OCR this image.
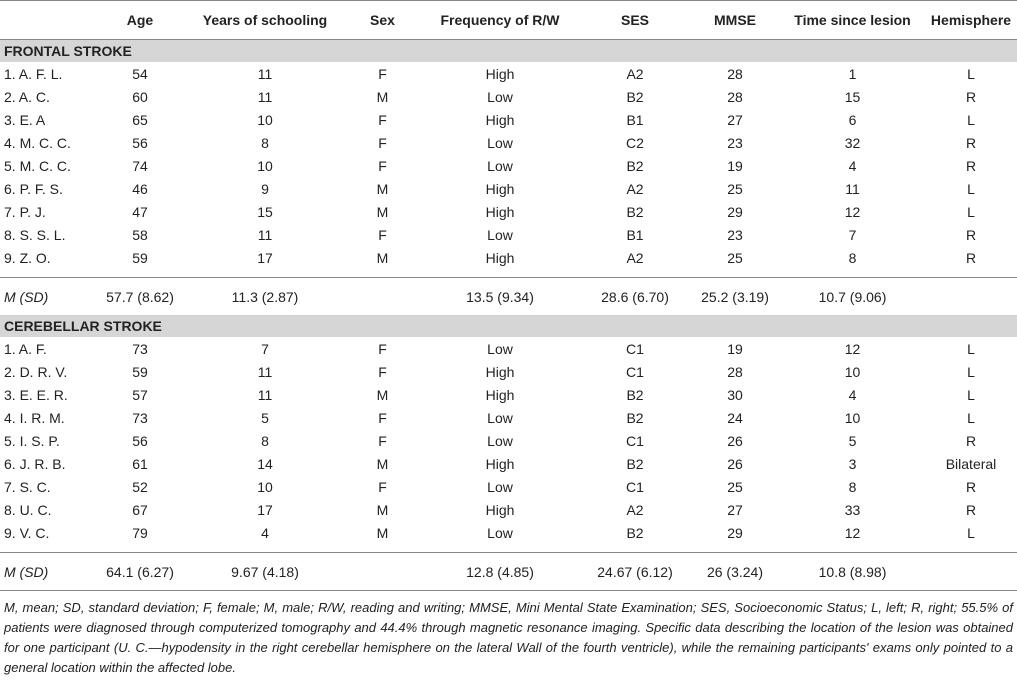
	Age	Years of schooling	Sex	Frequency of R/W	SES	MMSE	Time since lesion	Hemisphere
FRONTAL STROKE								
1. A. F. L.	54	11	F	High	A2	28	1	L
2. A. C.	60	11	M	Low	B2	28	15	R
3. E. A	65	10	F	High	B1	27	6	L
4. M. C. C.	56	8	F	Low	C2	23	32	R
5. M. C. C.	74	10	F	Low	B2	19	4	R
6. P. F. S.	46	9	M	High	A2	25	11	L
7. P. J.	47	15	M	High	B2	29	12	L
8. S. S. L.	58	11	F	Low	B1	23	7	R
9. Z. O.	59	17	M	High	A2	25	8	R

M (SD)	57.7 (8.62)	11.3 (2.87)		13.5 (9.34)	28.6 (6.70)	25.2 (3.19)	10.7 (9.06)	
CEREBELLAR STROKE								
1. A. F.	73	7	F	Low	C1	19	12	L
2. D. R. V.	59	11	F	High	C1	28	10	L
3. E. E. R.	57	11	M	High	B2	30	4	L
4. I. R. M.	73	5	F	Low	B2	24	10	L
5. I. S. P.	56	8	F	Low	C1	26	5	R
6. J. R. B.	61	14	M	High	B2	26	3	Bilateral
7. S. C.	52	10	F	Low	C1	25	8	R
8. U. C.	67	17	M	High	A2	27	33	R
9. V. C.	79	4	M	Low	B2	29	12	L

M (SD)	64.1 (6.27)	9.67 (4.18)		12.8 (4.85)	24.67 (6.12)	26 (3.24)	10.8 (8.98)	
M, mean; SD, standard deviation; F, female; M, male; R/W, reading and writing; MMSE, Mini Mental State Examination; SES, Socioeconomic Status; L, left; R, right; 55.5% of patients were diagnosed through computerized tomography and 44.4% through magnetic resonance imaging. Specific data describing the location of the lesion was obtained for one participant (U. C.—hypodensity in the right cerebellar hemisphere on the lateral Wall of the fourth ventricle), while the remaining participants' exams only pointed to a general location within the affected lobe.
